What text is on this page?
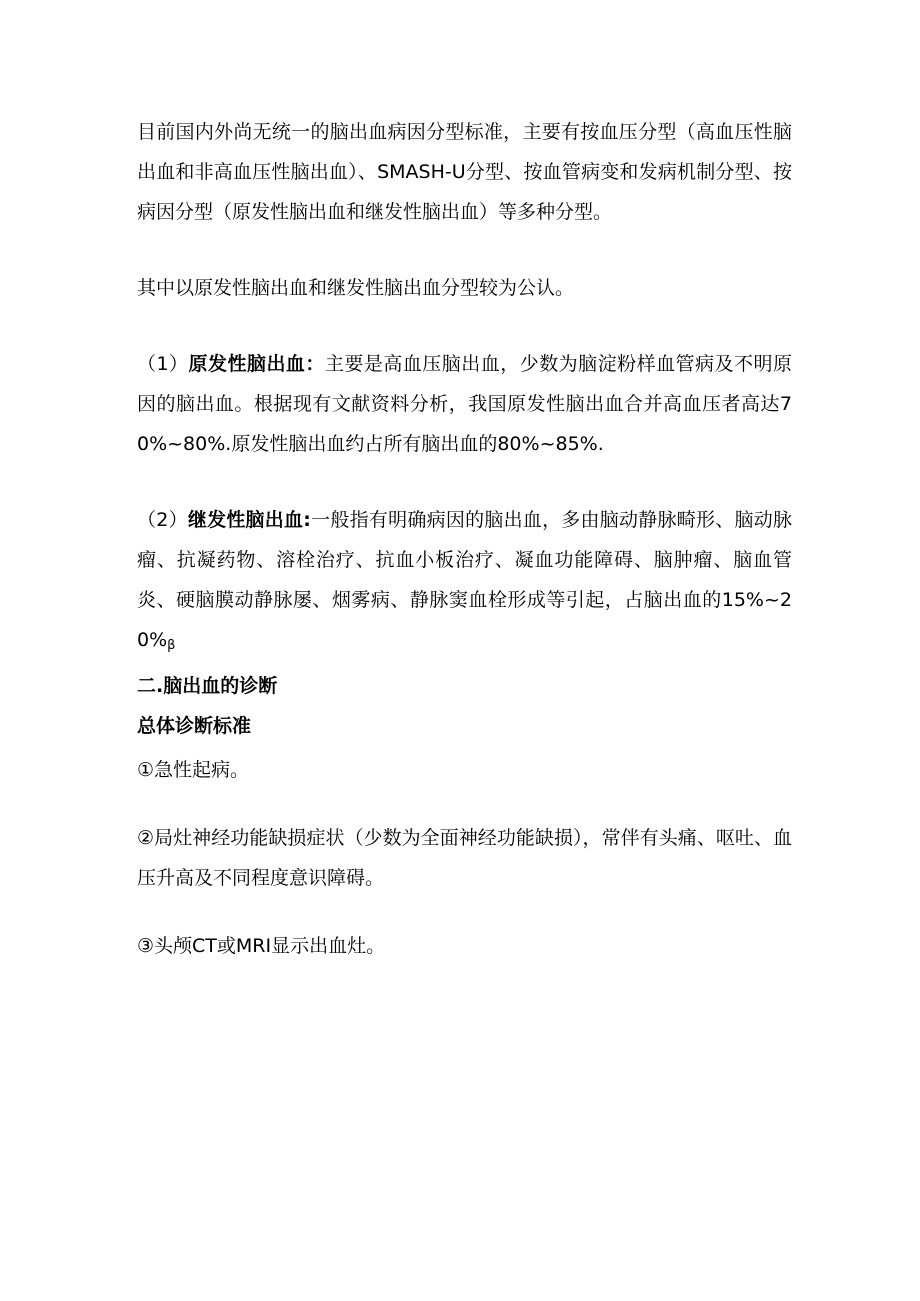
目前国内外尚无统一的脑出血病因分型标准，主要有按血压分型（高血压性脑出血和非高血压性脑出血）、SMASH-U分型、按血管病变和发病机制分型、按病因分型（原发性脑出血和继发性脑出血）等多种分型。

其中以原发性脑出血和继发性脑出血分型较为公认。

（1）原发性脑出血：主要是高血压脑出血，少数为脑淀粉样血管病及不明原因的脑出血。根据现有文献资料分析，我国原发性脑出血合并高血压者高达70%~80%.原发性脑出血约占所有脑出血的80%~85%.

（2）继发性脑出血:一般指有明确病因的脑出血，多由脑动静脉畸形、脑动脉瘤、抗凝药物、溶栓治疗、抗血小板治疗、凝血功能障碍、脑肿瘤、脑血管炎、硬脑膜动静脉屡、烟雾病、静脉窦血栓形成等引起，占脑出血的$15\%\sim 20\%_\beta$

二.脑出血的诊断

总体诊断标准

①急性起病。

②局灶神经功能缺损症状（少数为全面神经功能缺损），常伴有头痛、呕吐、血压升高及不同程度意识障碍。

③头颅CT或MRI显示出血灶。
